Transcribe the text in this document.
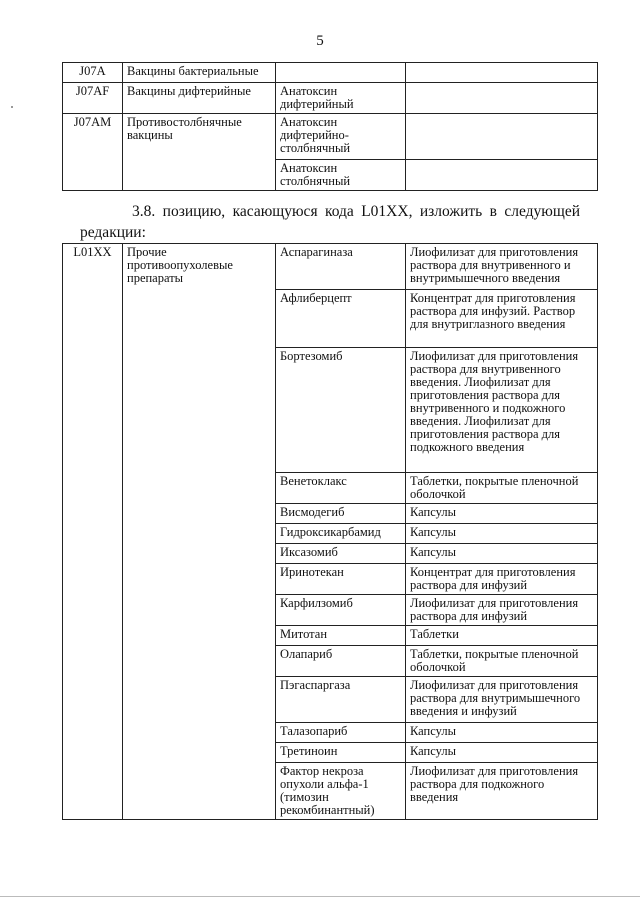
5
J07A	Вакцины бактериальные		
J07AF	Вакцины дифтерийные	Анатоксин дифтерийный	
J07AM	Противостолбнячные вакцины	Анатоксин дифтерийно-столбнячный	
		Анатоксин столбнячный	
3.8. позицию, касающуюся кода L01XX, изложить в следующей
редакции:
L01XX	Прочие противоопухолевые препараты	Аспарагиназа	Лиофилизат для приготовления раствора для внутривенного и внутримышечного введения
		Афлиберцепт	Концентрат для приготовления раствора для инфузий. Раствор для внутриглазного введения
		Бортезомиб	Лиофилизат для приготовления раствора для внутривенного введения. Лиофилизат для приготовления раствора для внутривенного и подкожного введения. Лиофилизат для приготовления раствора для подкожного введения
		Венетоклакс	Таблетки, покрытые пленочной оболочкой
		Висмодегиб	Капсулы
		Гидроксикарбамид	Капсулы
		Иксазомиб	Капсулы
		Иринотекан	Концентрат для приготовления раствора для инфузий
		Карфилзомиб	Лиофилизат для приготовления раствора для инфузий
		Митотан	Таблетки
		Олапариб	Таблетки, покрытые пленочной оболочкой
		Пэгаспаргаза	Лиофилизат для приготовления раствора для внутримышечного введения и инфузий
		Талазопариб	Капсулы
		Третиноин	Капсулы
		Фактор некроза опухоли альфа-1 (тимозин рекомбинантный)	Лиофилизат для приготовления раствора для подкожного введения
